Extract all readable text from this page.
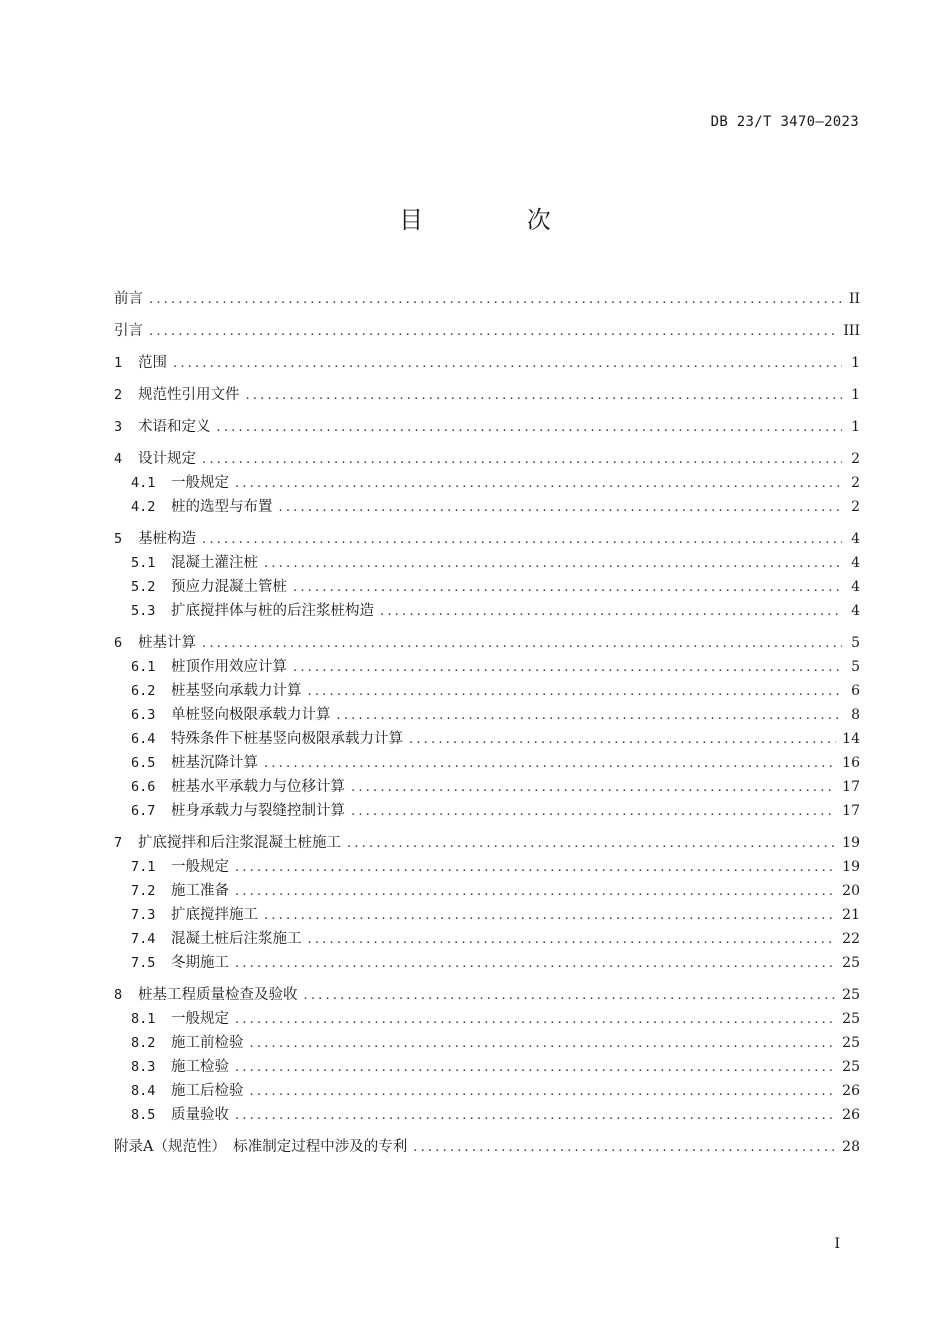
DB 23/T 3470—2023
目 次
前言 .....	II
引言 .....	III
1	范围 .....	1
2	规范性引用文件 .....	1
3	术语和定义 .....	1
4	设计规定 .....	2
4.1	一般规定 .....	2
4.2	桩的选型与布置 .....	2
5	基桩构造 .....	4
5.1	混凝土灌注桩 .....	4
5.2	预应力混凝土管桩 .....	4
5.3	扩底搅拌体与桩的后注浆桩构造 .....	4
6	桩基计算 .....	5
6.1	桩顶作用效应计算 .....	5
6.2	桩基竖向承载力计算 .....	6
6.3	单桩竖向极限承载力计算 .....	8
6.4	特殊条件下桩基竖向极限承载力计算 .....	14
6.5	桩基沉降计算 .....	16
6.6	桩基水平承载力与位移计算 .....	17
6.7	桩身承载力与裂缝控制计算 .....	17
7	扩底搅拌和后注浆混凝土桩施工 .....	19
7.1	一般规定 .....	19
7.2	施工准备 .....	20
7.3	扩底搅拌施工 .....	21
7.4	混凝土桩后注浆施工 .....	22
7.5	冬期施工 .....	25
8	桩基工程质量检查及验收 .....	25
8.1	一般规定 .....	25
8.2	施工前检验 .....	25
8.3	施工检验 .....	25
8.4	施工后检验 .....	26
8.5	质量验收 .....	26
附录A（规范性）　标准制定过程中涉及的专利 .....	28
I
